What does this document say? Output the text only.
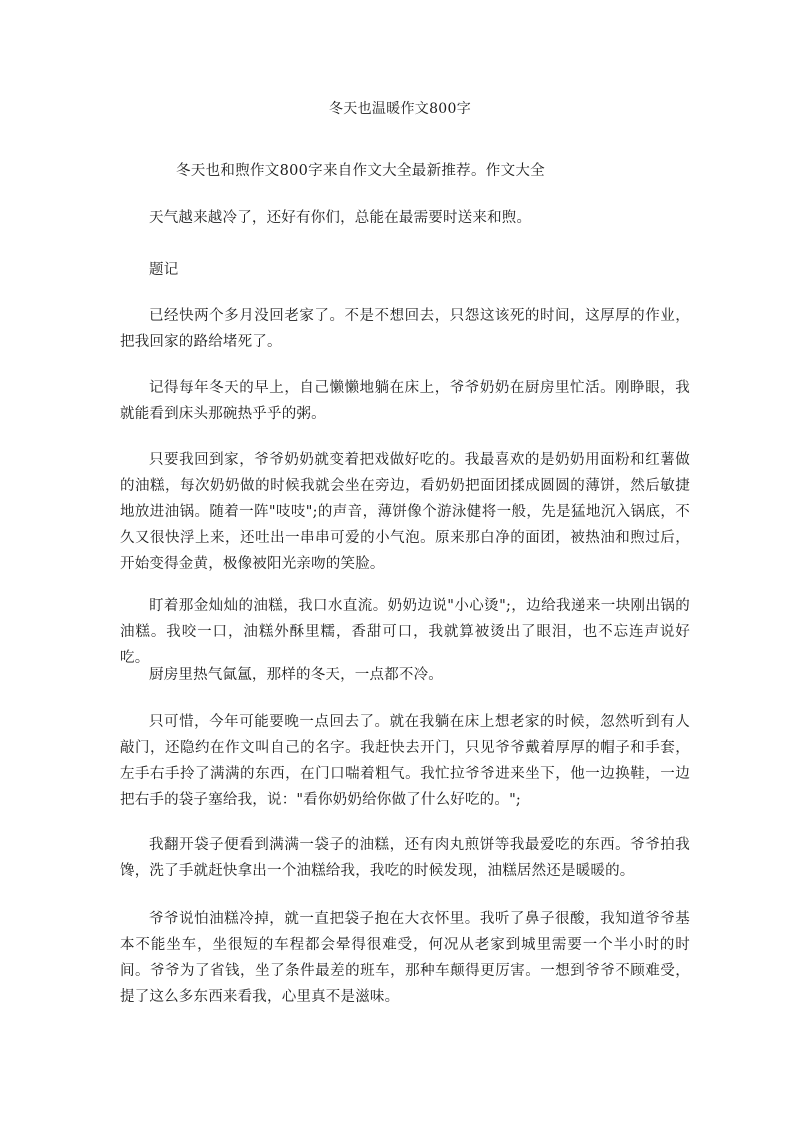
冬天也温暖作文800字
冬天也和煦作文800字来自作文大全最新推荐。作文大全

天气越来越冷了，还好有你们，总能在最需要时送来和煦。

题记

已经快两个多月没回老家了。不是不想回去，只怨这该死的时间，这厚厚的作业，把我回家的路给堵死了。

记得每年冬天的早上，自己懒懒地躺在床上，爷爷奶奶在厨房里忙活。刚睁眼，我就能看到床头那碗热乎乎的粥。

只要我回到家，爷爷奶奶就变着把戏做好吃的。我最喜欢的是奶奶用面粉和红薯做的油糕，每次奶奶做的时候我就会坐在旁边，看奶奶把面团揉成圆圆的薄饼，然后敏捷地放进油锅。随着一阵"吱吱";的声音，薄饼像个游泳健将一般，先是猛地沉入锅底，不久又很快浮上来，还吐出一串串可爱的小气泡。原来那白净的面团，被热油和煦过后，开始变得金黄，极像被阳光亲吻的笑脸。

盯着那金灿灿的油糕，我口水直流。奶奶边说"小心烫";，边给我递来一块刚出锅的油糕。我咬一口，油糕外酥里糯，香甜可口，我就算被烫出了眼泪，也不忘连声说好吃。

厨房里热气氤氲，那样的冬天，一点都不冷。

只可惜，今年可能要晚一点回去了。就在我躺在床上想老家的时候，忽然听到有人敲门，还隐约在作文叫自己的名字。我赶快去开门，只见爷爷戴着厚厚的帽子和手套，左手右手拎了满满的东西，在门口喘着粗气。我忙拉爷爷进来坐下，他一边换鞋，一边把右手的袋子塞给我，说："看你奶奶给你做了什么好吃的。";

我翻开袋子便看到满满一袋子的油糕，还有肉丸煎饼等我最爱吃的东西。爷爷拍我馋，洗了手就赶快拿出一个油糕给我，我吃的时候发现，油糕居然还是暖暖的。

爷爷说怕油糕冷掉，就一直把袋子抱在大衣怀里。我听了鼻子很酸，我知道爷爷基本不能坐车，坐很短的车程都会晕得很难受，何况从老家到城里需要一个半小时的时间。爷爷为了省钱，坐了条件最差的班车，那种车颠得更厉害。一想到爷爷不顾难受，提了这么多东西来看我，心里真不是滋味。
